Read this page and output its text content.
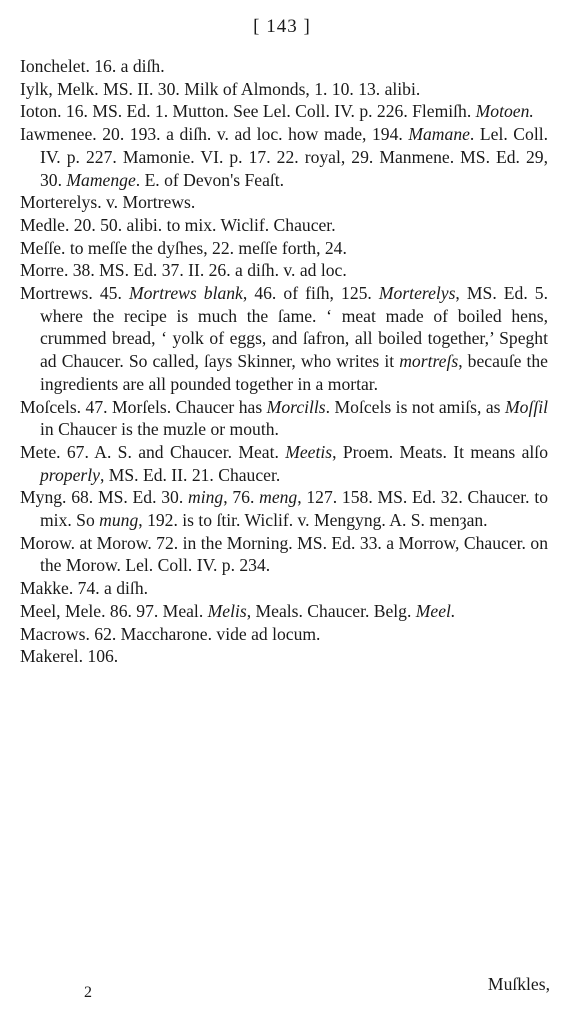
[ 143 ]
Ionchelet. 16. a diſh.
Iylk, Melk. MS. II. 30. Milk of Almonds, 1. 10. 13. alibi.
Ioton. 16. MS. Ed. 1. Mutton. See Lel. Coll. IV. p. 226. Flemiſh. Motoen.
Iawmenee. 20. 193. a diſh. v. ad loc. how made, 194. Mamane. Lel. Coll. IV. p. 227. Mamonie. VI. p. 17. 22. royal, 29. Manmene. MS. Ed. 29, 30. Mamenge. E. of Devon's Feaſt.
Morterelys. v. Mortrews.
Medle. 20. 50. alibi. to mix. Wiclif. Chaucer.
Meſſe. to meſſe the dyſhes, 22. meſſe forth, 24.
Morre. 38. MS. Ed. 37. II. 26. a diſh. v. ad loc.
Mortrews. 45. Mortrews blank, 46. of fiſh, 125. Morterelys, MS. Ed. 5. where the recipe is much the ſame. ‘ meat made of boiled hens, crummed bread, ‘ yolk of eggs, and ſafron, all boiled together,’ Speght ad Chaucer. So called, ſays Skinner, who writes it mortreſs, becauſe the ingredients are all pounded together in a mortar.
Moſcels. 47. Morſels. Chaucer has Morcills. Moſcels is not amiſs, as Moſſil in Chaucer is the muzle or mouth.
Mete. 67. A. S. and Chaucer. Meat. Meetis, Proem. Meats. It means alſo properly, MS. Ed. II. 21. Chaucer.
Myng. 68. MS. Ed. 30. ming, 76. meng, 127. 158. MS. Ed. 32. Chaucer. to mix. So mung, 192. is to ſtir. Wiclif. v. Mengyng. A. S. menȝan.
Morow. at Morow. 72. in the Morning. MS. Ed. 33. a Morrow, Chaucer. on the Morow. Lel. Coll. IV. p. 234.
Makke. 74. a diſh.
Meel, Mele. 86. 97. Meal. Melis, Meals. Chaucer. Belg. Meel.
Macrows. 62. Maccharone. vide ad locum.
Makerel. 106.
2	Muſkles,
